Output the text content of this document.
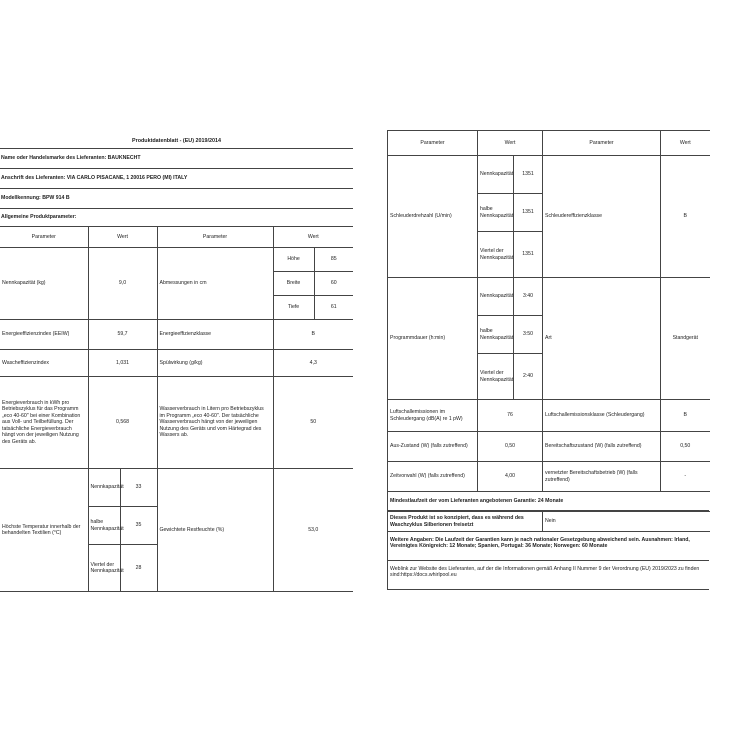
Produktdatenblatt - (EU) 2019/2014
Name oder Handelsmarke des Lieferanten: BAUKNECHT
Anschrift des Lieferanten: VIA CARLO PISACANE, 1 20016 PERO (MI) ITALY
Modellkennung: BPW 914 B
Allgemeine Produktparameter:
Parameter	Wert		Parameter	Wert	
Nennkapazität (kg)	9,0		Abmessungen in cm	Höhe	85
				Breite	60
				Tiefe	61
Energieeffizienzindex (EEIW)	59,7		Energieeffizienzklasse	B	
Wascheffizienzindex	1,031		Spülwirkung (g/kg)	4,3	
Energieverbrauch in kWh pro Betriebszyklus für das Programm „eco 40-60" bei einer Kombination aus Voll- und Teilbefüllung. Der tatsächliche Energieverbrauch hängt von der jeweiligen Nutzung des Geräts ab.	0,568		Wasserverbrauch in Litern pro Betriebszyklus im Programm „eco 40-60". Der tatsächliche Wasserverbrauch hängt von der jeweiligen Nutzung des Geräts und vom Härtegrad des Wassers ab.	50	
Höchste Temperatur innerhalb der behandelten Textilien (°C)	Nennkapazität	33	Gewichtete Restfeuchte (%)	53,0	
	halbe Nennkapazität	35			
	Viertel der Nennkapazität	28			
Parameter	Wert		Parameter	Wert
Schleuderdrehzahl (U/min)	Nennkapazität	1351	Schleudereffizienzklasse	B
	halbe Nennkapazität	1351		
	Viertel der Nennkapazität	1351		
Programmdauer (h:min)	Nennkapazität	3:40	Art	Standgerät
	halbe Nennkapazität	3:50		
	Viertel der Nennkapazität	2:40		
Luftschallemissionen im Schleudergang (dB(A) re 1 pW)	76		Luftschallemissionsklasse (Schleudergang)	B
Aus-Zustand (W) (falls zutreffend)	0,50		Bereitschaftszustand (W) (falls zutreffend)	0,50
Zeitvorwahl (W) (falls zutreffend)	4,00		vernetzter Bereitschaftsbetrieb (W) (falls zutreffend)	-
Mindestlaufzeit der vom Lieferanten angebotenen Garantie: 24 Monate
Dieses Produkt ist so konzipiert, dass es während des Waschzyklus Silberionen freisetzt	Nein
Weitere Angaben: Die Laufzeit der Garantien kann je nach nationaler Gesetzgebung abweichend sein. Ausnahmen: Irland, Vereinigtes Königreich: 12 Monate; Spanien, Portugal: 36 Monate; Norwegen: 60 Monate
Weblink zur Website des Lieferanten, auf der die Informationen gemäß Anhang II Nummer 9 der Verordnung (EU) 2019/2023 zu finden sind:https://docs.whirlpool.eu
